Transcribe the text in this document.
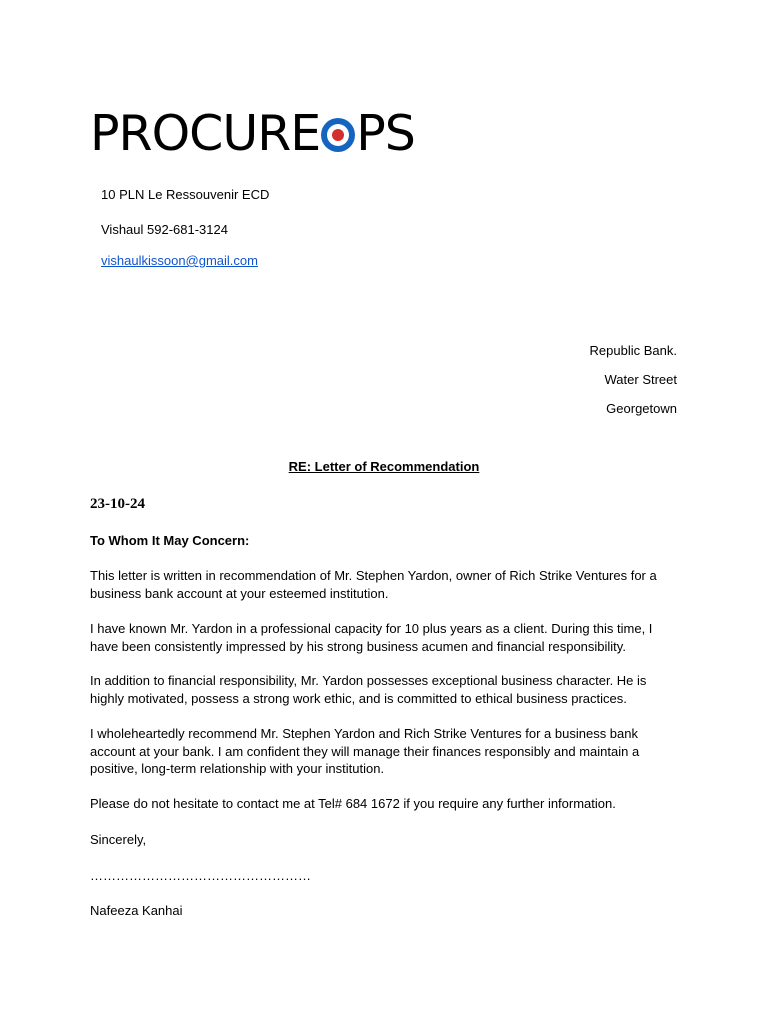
PROCURE PS
10 PLN Le Ressouvenir ECD
Vishaul 592-681-3124
vishaulkissoon@gmail.com
Republic Bank.
Water Street
Georgetown
RE: Letter of Recommendation
23-10-24
To Whom It May Concern:
This letter is written in recommendation of Mr. Stephen Yardon, owner of Rich Strike Ventures for a business bank account at your esteemed institution.
I have known Mr. Yardon in a professional capacity for 10 plus years as a client. During this time, I have been consistently impressed by his strong business acumen and financial responsibility.
In addition to financial responsibility, Mr. Yardon possesses exceptional business character. He is highly motivated, possess a strong work ethic, and is committed to ethical business practices.
I wholeheartedly recommend Mr. Stephen Yardon and Rich Strike Ventures for a business bank account at your bank. I am confident they will manage their finances responsibly and maintain a positive, long-term relationship with your institution.
Please do not hesitate to contact me at Tel# 684 1672 if you require any further information.
Sincerely,
……………………………………………
Nafeeza Kanhai
